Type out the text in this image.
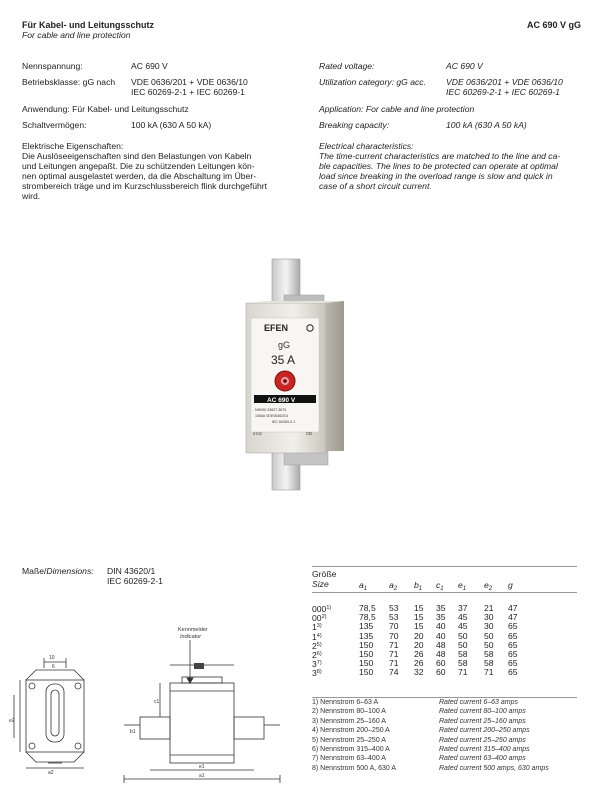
Für Kabel- und Leitungsschutz
For cable and line protection
AC 690 V gG
Nennspannung:	AC 690 V
Betriebsklasse: gG nach VDE 0636/201 + VDE 0636/10
IEC 60269-2-1 + IEC 60269-1
Anwendung: Für Kabel- und Leitungsschutz
Schaltvermögen:	100 kA (630 A 50 kA)
Rated voltage:	AC 690 V
Utilization category: gG acc. VDE 0636/201 + VDE 0636/10
IEC 60269-2-1 + IEC 60269-1
Application: For cable and line protection
Breaking capacity:	100 kA (630 A 50 kA)
Elektrische Eigenschaften:
Die Auslöseeigenschaften sind den Belastungen von Kabeln
und Leitungen angepaßt. Die zu schützenden Leitungen kön-
nen optimal ausgelastet werden, da die Abschaltung im Über-
strombereich träge und im Kurzschlussbereich flink durchgeführt
wird.
Electrical characteristics:
The time-current characteristics are matched to the line and ca-
ble capacities. The lines to be protected can operate at optimal
load since breaking in the overload range is slow and quick in
case of a short circuit current.
EFEN
gG
35 A
AC 690 V
NH000 33627.3670
100kA VDE0636/201
IEC 60269-2-1
0702	CE
Maße/Dimensions: DIN 43620/1
IEC 60269-2-1
10
6
a2
e2
Kennmelder
Indicator
e1
a1
c1
b1
Größe
Size	$a_1$	$a_2$ $b_1$ $c_1$ $e_1$ $e_2$ g
000$^{1)}$	78,5 53 15 35 37 21 47
00$^{2)}$	78,5 53 15 35 45 30 47
1$^{3)}$	135 70 15 40 45 30 65
1$^{4)}$	135 70 20 40 50 50 65
2$^{5)}$	150 71 20 48 50 50 65
2$^{6)}$	150 71 26 48 58 58 65
3$^{7)}$	150 71 26 60 58 58 65
3$^{8)}$	150 74 32 60 71 71 65
1) Nennstrom 6–63 A	Rated current 6–63 amps
2) Nennstrom 80–100 A	Rated current 80–100 amps
3) Nennstrom 25–160 A	Rated current 25–160 amps
4) Nennstrom 200–250 A	Rated current 200–250 amps
5) Nennstrom 25–250 A	Rated current 25–250 amps
6) Nennstrom 315–400 A	Rated current 315–400 amps
7) Nennstrom 63–400 A	Rated current 63–400 amps
8) Nennstrom 500 A, 630 A	Rated current 500 amps, 630 amps
